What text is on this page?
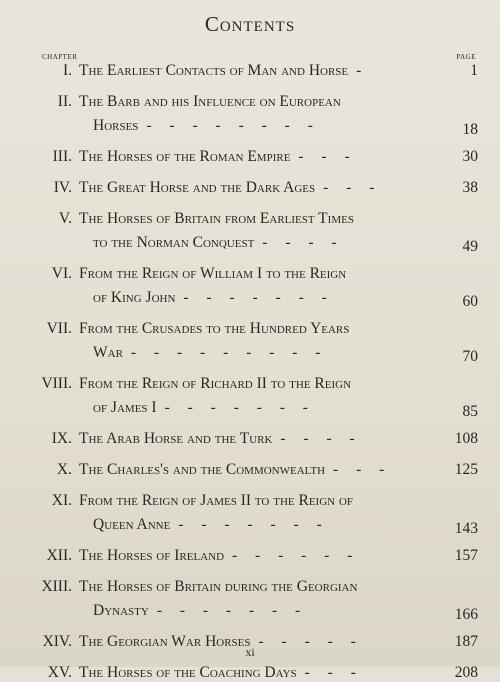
Contents
CHAPTER	PAGE
I. The Earliest Contacts of Man and Horse -	1
II. The Barb and his Influence on European
Horses - - - - - - - -	18
III. The Horses of the Roman Empire - - -	30
IV. The Great Horse and the Dark Ages - - -	38
V. The Horses of Britain from Earliest Times
to the Norman Conquest - - - -	49
VI. From the Reign of William I to the Reign
of King John - - - - - - -	60
VII. From the Crusades to the Hundred Years
War - - - - - - - - -	70
VIII. From the Reign of Richard II to the Reign
of James I - - - - - - -	85
IX. The Arab Horse and the Turk - - - -	108
X. The Charles's and the Commonwealth - - -	125
XI. From the Reign of James II to the Reign of
Queen Anne - - - - - - -	143
XII. The Horses of Ireland - - - - - -	157
XIII. The Horses of Britain during the Georgian
Dynasty - - - - - - -	166
XIV. The Georgian War Horses - - - - -	187
XV. The Horses of the Coaching Days - - -	208
xi
